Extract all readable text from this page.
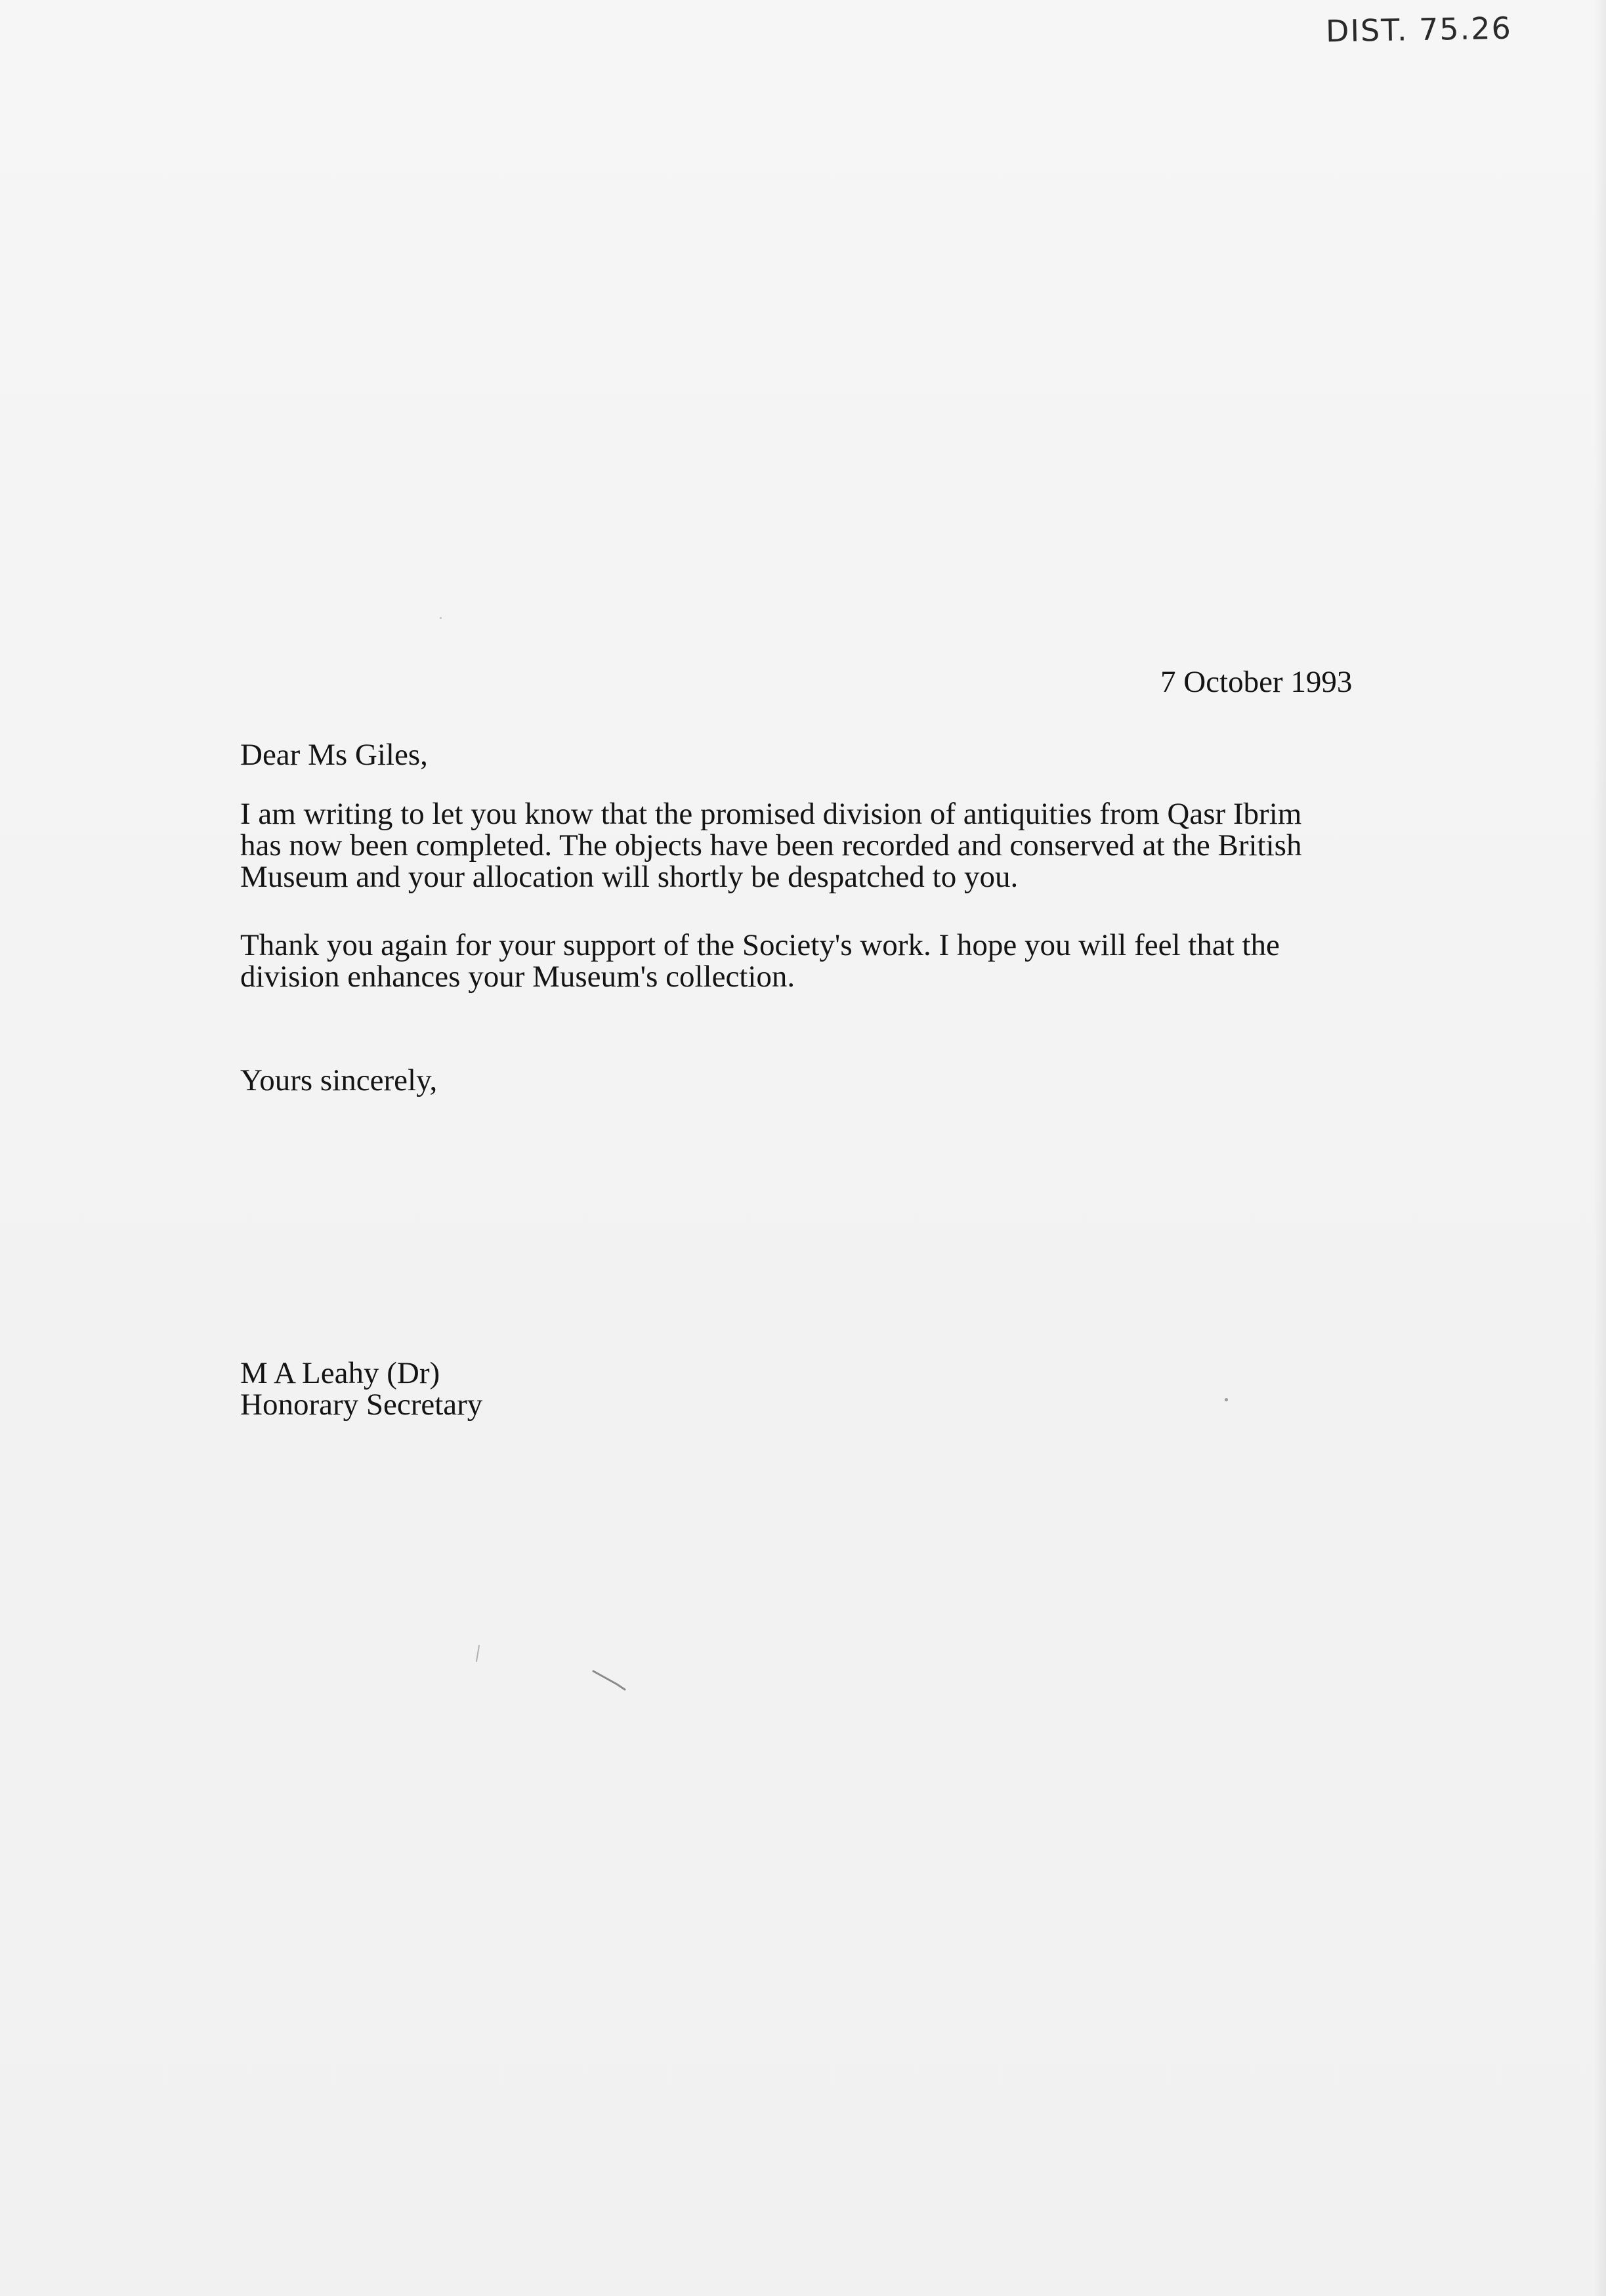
DIST. 75.26
7 October 1993
Dear Ms Giles,

I am writing to let you know that the promised division of antiquities from Qasr Ibrim
has now been completed. The objects have been recorded and conserved at the British
Museum and your allocation will shortly be despatched to you.

Thank you again for your support of the Society's work. I hope you will feel that the
division enhances your Museum's collection.

Yours sincerely,
M A Leahy (Dr)
Honorary Secretary
